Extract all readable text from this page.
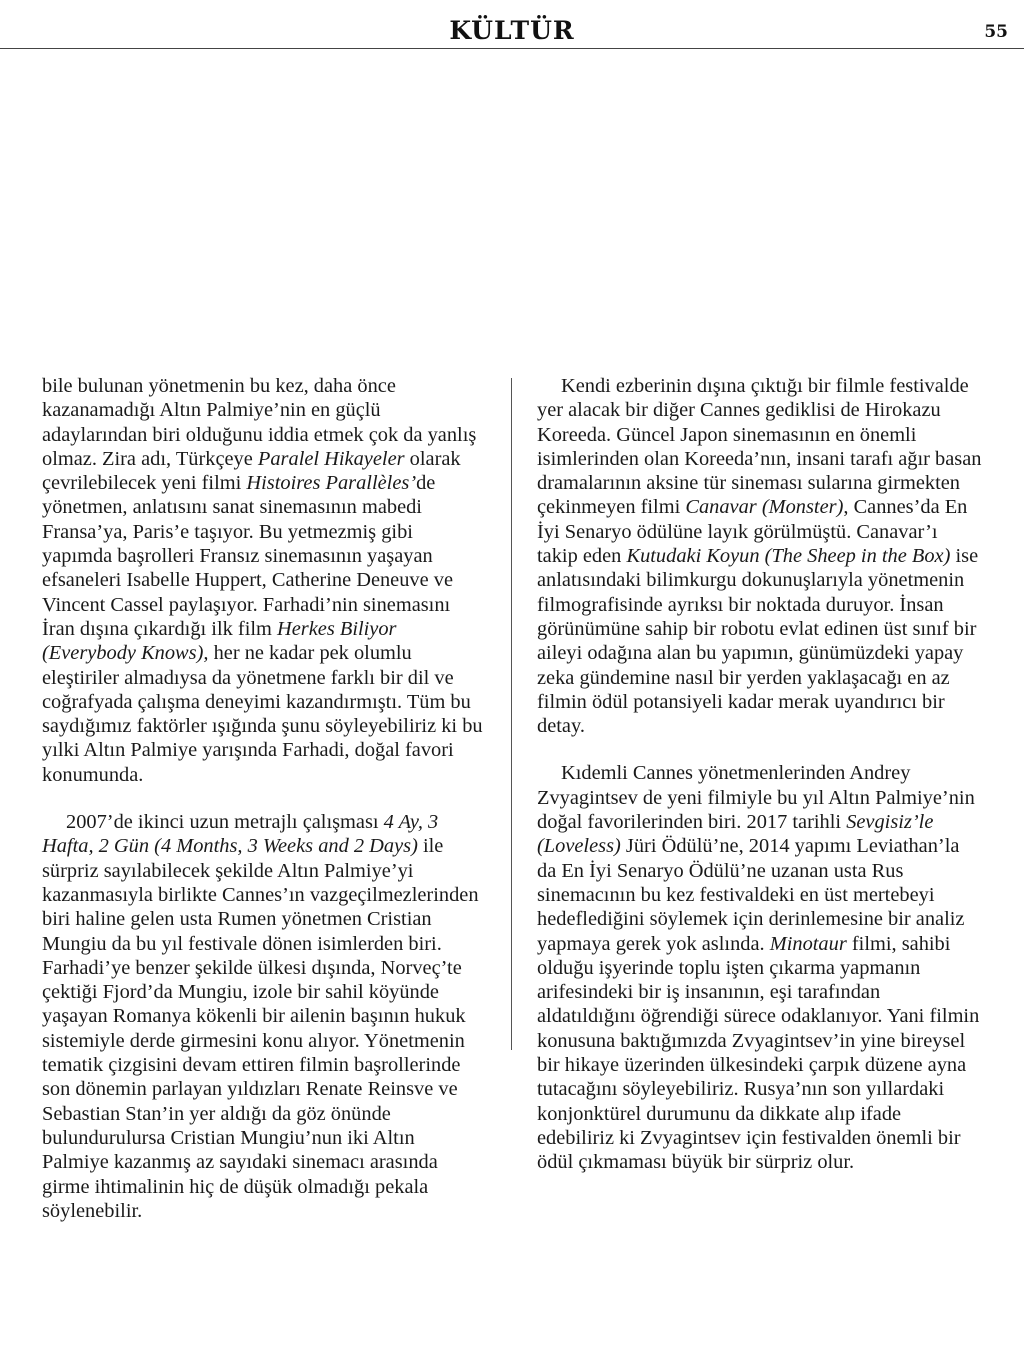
KÜLTÜR	55

bile bulunan yönetmenin bu kez, daha önce kazanamadığı Altın Palmiye’nin en güçlü adaylarından biri olduğunu iddia etmek çok da yanlış olmaz. Zira adı, Türkçeye Paralel Hikayeler olarak çevrilebilecek yeni filmi Histoires Parallèles’de yönetmen, anlatısını sanat sinemasının mabedi Fransa’ya, Paris’e taşıyor. Bu yetmezmiş gibi yapımda başrolleri Fransız sinemasının yaşayan efsaneleri Isabelle Huppert, Catherine Deneuve ve Vincent Cassel paylaşıyor. Farhadi’nin sinemasını İran dışına çıkardığı ilk film Herkes Biliyor (Everybody Knows), her ne kadar pek olumlu eleştiriler almadıysa da yönetmene farklı bir dil ve coğrafyada çalışma deneyimi kazandırmıştı. Tüm bu saydığımız faktörler ışığında şunu söyleyebiliriz ki bu yılki Altın Palmiye yarışında Farhadi, doğal favori konumunda.

2007’de ikinci uzun metrajlı çalışması 4 Ay, 3 Hafta, 2 Gün (4 Months, 3 Weeks and 2 Days) ile sürpriz sayılabilecek şekilde Altın Palmiye’yi kazanmasıyla birlikte Cannes’ın vazgeçilmezlerinden biri haline gelen usta Rumen yönetmen Cristian Mungiu da bu yıl festivale dönen isimlerden biri. Farhadi’ye benzer şekilde ülkesi dışında, Norveç’te çektiği Fjord’da Mungiu, izole bir sahil köyünde yaşayan Romanya kökenli bir ailenin başının hukuk sistemiyle derde girmesini konu alıyor. Yönetmenin tematik çizgisini devam ettiren filmin başrollerinde son dönemin parlayan yıldızları Renate Reinsve ve Sebastian Stan’in yer aldığı da göz önünde bulundurulursa Cristian Mungiu’nun iki Altın Palmiye kazanmış az sayıdaki sinemacı arasında girme ihtimalinin hiç de düşük olmadığı pekala söylenebilir.

Kendi ezberinin dışına çıktığı bir filmle festivalde yer alacak bir diğer Cannes gediklisi de Hirokazu Koreeda. Güncel Japon sinemasının en önemli isimlerinden olan Koreeda’nın, insani tarafı ağır basan dramalarının aksine tür sineması sularına girmekten çekinmeyen filmi Canavar (Monster), Cannes’da En İyi Senaryo ödülüne layık görülmüştü. Canavar’ı takip eden Kutudaki Koyun (The Sheep in the Box) ise anlatısındaki bilimkurgu dokunuşlarıyla yönetmenin filmografisinde ayrıksı bir noktada duruyor. İnsan görünümüne sahip bir robotu evlat edinen üst sınıf bir aileyi odağına alan bu yapımın, günümüzdeki yapay zeka gündemine nasıl bir yerden yaklaşacağı en az filmin ödül potansiyeli kadar merak uyandırıcı bir detay.

Kıdemli Cannes yönetmenlerinden Andrey Zvyagintsev de yeni filmiyle bu yıl Altın Palmiye’nin doğal favorilerinden biri. 2017 tarihli Sevgisiz’le (Loveless) Jüri Ödülü’ne, 2014 yapımı Leviathan’la da En İyi Senaryo Ödülü’ne uzanan usta Rus sinemacının bu kez festivaldeki en üst mertebeyi hedeflediğini söylemek için derinlemesine bir analiz yapmaya gerek yok aslında. Minotaur filmi, sahibi olduğu işyerinde toplu işten çıkarma yapmanın arifesindeki bir iş insanının, eşi tarafından aldatıldığını öğrendiği sürece odaklanıyor. Yani filmin konusuna baktığımızda Zvyagintsev’in yine bireysel bir hikaye üzerinden ülkesindeki çarpık düzene ayna tutacağını söyleyebiliriz. Rusya’nın son yıllardaki konjonktürel durumunu da dikkate alıp ifade edebiliriz ki Zvyagintsev için festivalden önemli bir ödül çıkmaması büyük bir sürpriz olur.
